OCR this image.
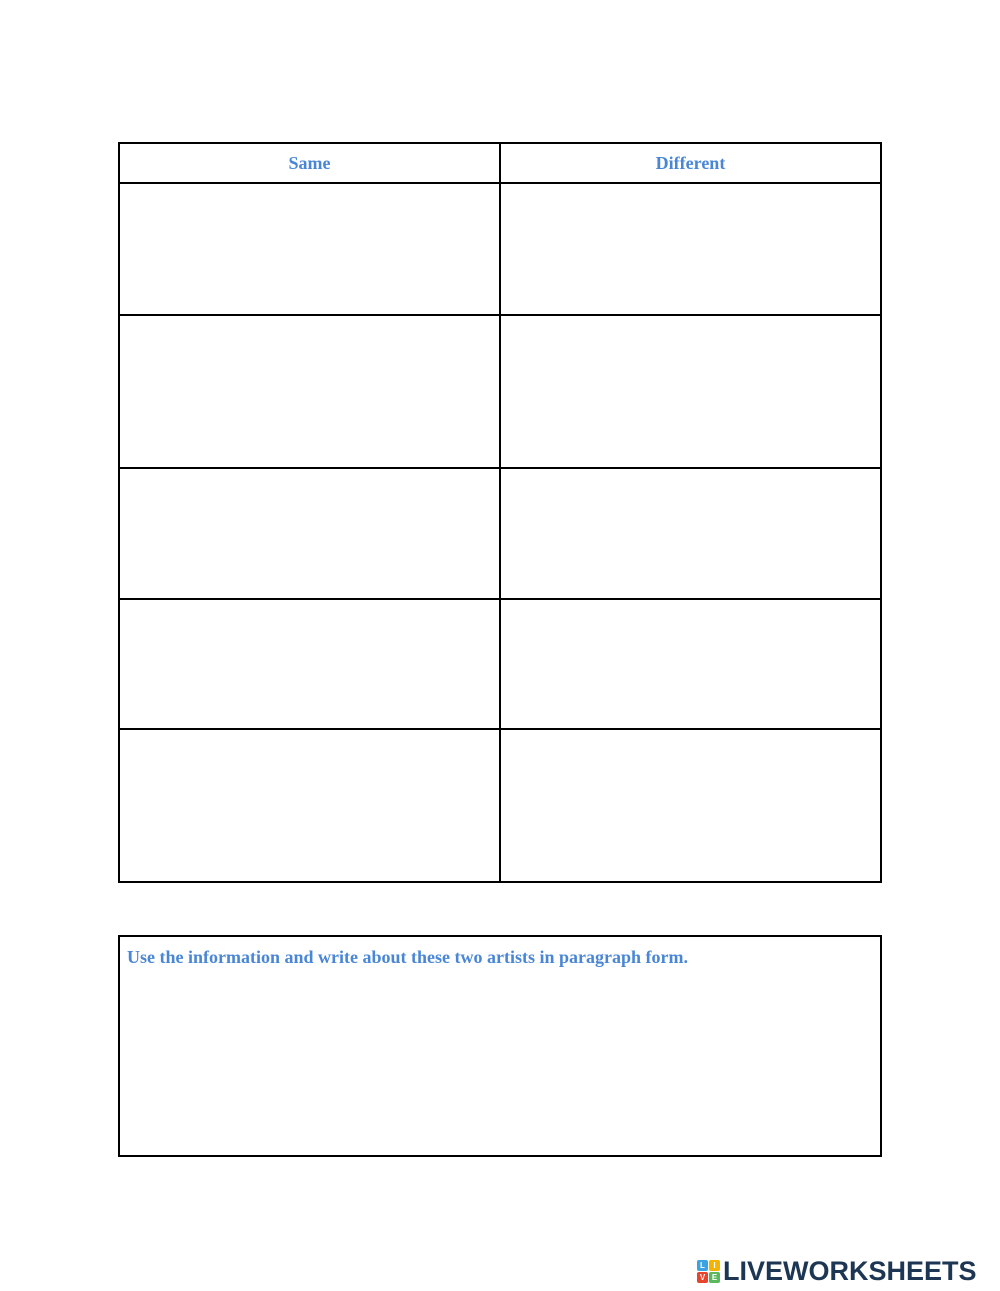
Same	Different

Use the information and write about these two artists in paragraph form.
L	I
V E LIVEWORKSHEETS
